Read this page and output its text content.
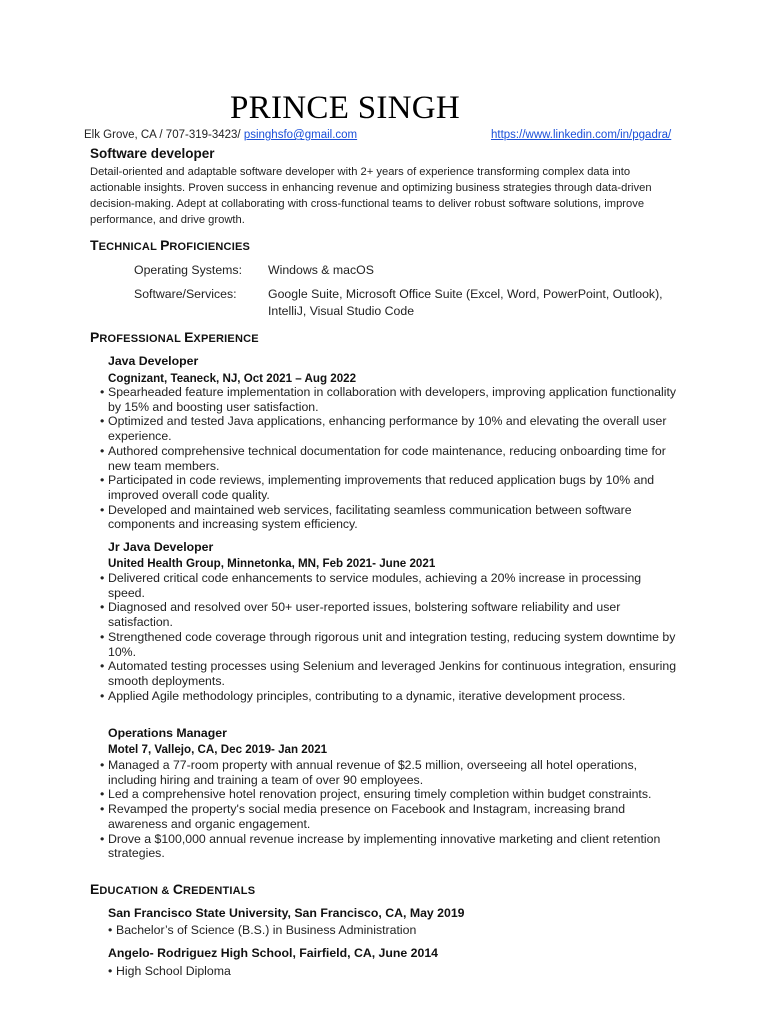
PRINCE SINGH
Elk Grove, CA / 707-319-3423/ psinghsfo@gmail.com	https://www.linkedin.com/in/pgadra/
Software developer
Detail-oriented and adaptable software developer with 2+ years of experience transforming complex data into actionable insights. Proven success in enhancing revenue and optimizing business strategies through data-driven decision-making. Adept at collaborating with cross-functional teams to deliver robust software solutions, improve performance, and drive growth.
TECHNICAL PROFICIENCIES
Operating Systems: Windows & macOS
Software/Services:	Google Suite, Microsoft Office Suite (Excel, Word, PowerPoint, Outlook),
IntelliJ, Visual Studio Code
PROFESSIONAL EXPERIENCE
Java Developer
Cognizant, Teaneck, NJ, Oct 2021 – Aug 2022
• Spearheaded feature implementation in collaboration with developers, improving application functionality by 15% and boosting user satisfaction.
• Optimized and tested Java applications, enhancing performance by 10% and elevating the overall user experience.
• Authored comprehensive technical documentation for code maintenance, reducing onboarding time for new team members.
• Participated in code reviews, implementing improvements that reduced application bugs by 10% and improved overall code quality.
• Developed and maintained web services, facilitating seamless communication between software components and increasing system efficiency.
Jr Java Developer
United Health Group, Minnetonka, MN, Feb 2021- June 2021
• Delivered critical code enhancements to service modules, achieving a 20% increase in processing speed.
• Diagnosed and resolved over 50+ user-reported issues, bolstering software reliability and user satisfaction.
• Strengthened code coverage through rigorous unit and integration testing, reducing system downtime by 10%.
• Automated testing processes using Selenium and leveraged Jenkins for continuous integration, ensuring smooth deployments.
• Applied Agile methodology principles, contributing to a dynamic, iterative development process.
Operations Manager
Motel 7, Vallejo, CA, Dec 2019- Jan 2021
• Managed a 77-room property with annual revenue of $2.5 million, overseeing all hotel operations, including hiring and training a team of over 90 employees.
• Led a comprehensive hotel renovation project, ensuring timely completion within budget constraints.
• Revamped the property's social media presence on Facebook and Instagram, increasing brand awareness and organic engagement.
• Drove a $100,000 annual revenue increase by implementing innovative marketing and client retention strategies.
EDUCATION & CREDENTIALS
San Francisco State University, San Francisco, CA, May 2019
• Bachelor’s of Science (B.S.) in Business Administration
Angelo- Rodriguez High School, Fairfield, CA, June 2014
• High School Diploma
